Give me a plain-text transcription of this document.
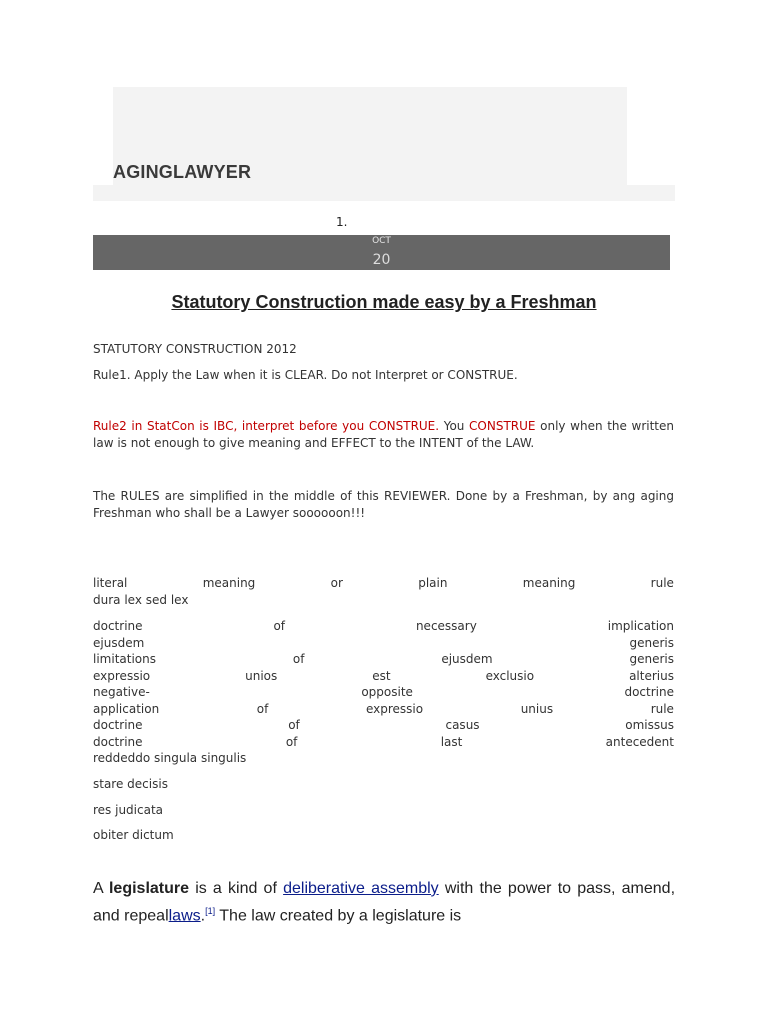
AGINGLAWYER
1.
OCT
20
Statutory Construction made easy by a Freshman
STATUTORY CONSTRUCTION 2012
Rule1. Apply the Law when it is CLEAR. Do not Interpret or CONSTRUE.
Rule2 in StatCon is IBC, interpret before you CONSTRUE. You CONSTRUE only when the written law is not enough to give meaning and EFFECT to the INTENT of the LAW.
The RULES are simplified in the middle of this REVIEWER. Done by a Freshman, by ang aging Freshman who shall be a Lawyer soooooon!!!
literal	meaning	or	plain	meaning	rule
dura lex sed lex
doctrine	of	necessary	implication
ejusdem	generis
limitations	of	ejusdem	generis
expressio	unios	est	exclusio	alterius
negative-	opposite	doctrine
application	of	expressio	unius	rule
doctrine	of	casus	omissus
doctrine	of	last	antecedent
reddeddo singula singulis
stare decisis
res judicata
obiter dictum
A legislature is a kind of deliberative assembly with the power to pass, amend, and repeallaws.[1] The law created by a legislature is
